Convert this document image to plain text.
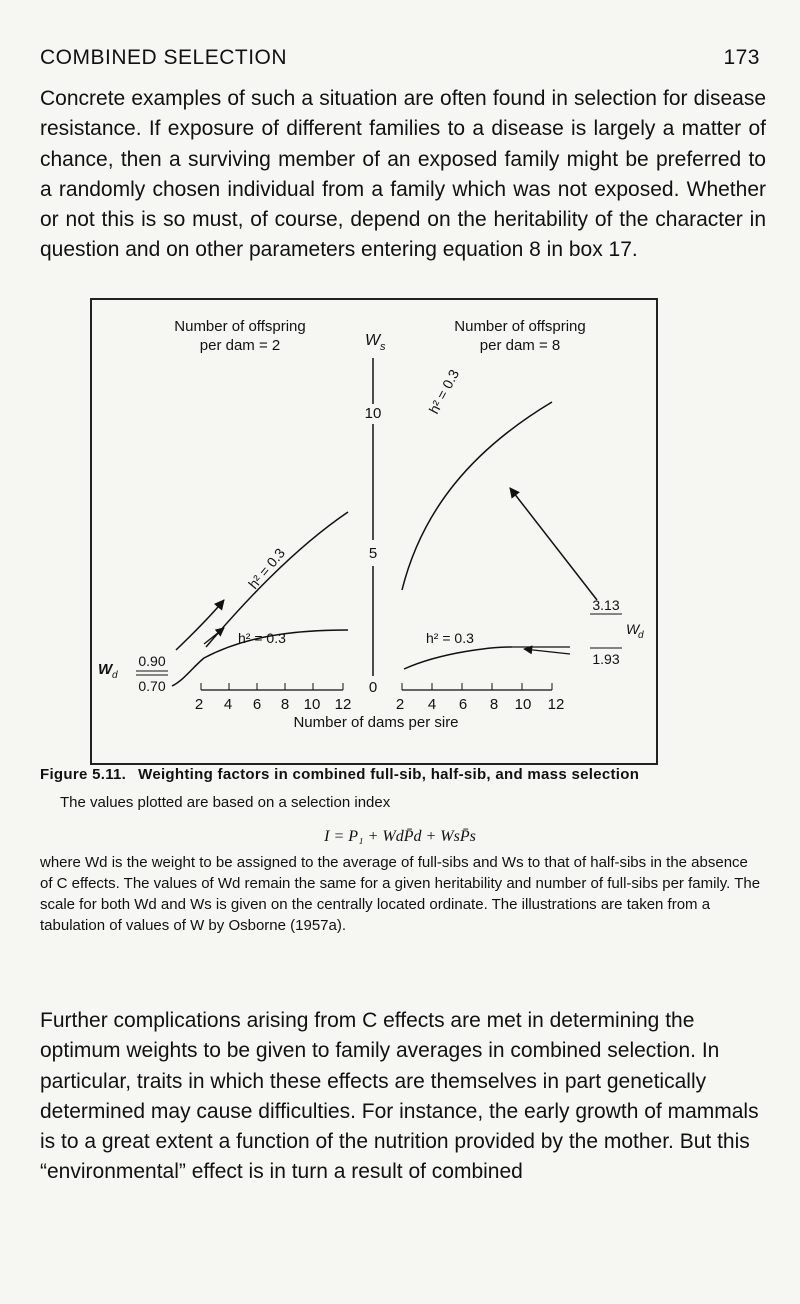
COMBINED SELECTION	173

Concrete examples of such a situation are often found in selection for disease resistance. If exposure of different families to a disease is largely a matter of chance, then a surviving member of an exposed family might be preferred to a randomly chosen individual from a family which was not exposed. Whether or not this is so must, of course, depend on the heritability of the character in question and on other parameters entering equation 8 in box 17.

Number of offspring
per dam = 2
Number of offspring
per dam = 8
W s
10
5
0
2 4 6 8 10 12
W d
0.90
0.70
h² = 0.3
h² = 0.3
2 4 6 8 10 12
Number of dams per sire
h² = 0.3
h² = 0.3
3.13
1.93
W
d
Figure 5.11. Weighting factors in combined full-sib, half-sib, and mass selection
The values plotted are based on a selection index
I = P₁ + WdP̄d + WsP̄s
where Wd is the weight to be assigned to the average of full-sibs and Ws to that of half-sibs in the absence of C effects. The values of Wd remain the same for a given heritability and number of full-sibs per family. The scale for both Wd and Ws is given on the centrally located ordinate. The illustrations are taken from a tabulation of values of W by Osborne (1957a).

Further complications arising from C effects are met in determining the optimum weights to be given to family averages in combined selection. In particular, traits in which these effects are themselves in part genetically determined may cause difficulties. For instance, the early growth of mammals is to a great extent a function of the nutrition provided by the mother. But this “environmental” effect is in turn a result of combined
